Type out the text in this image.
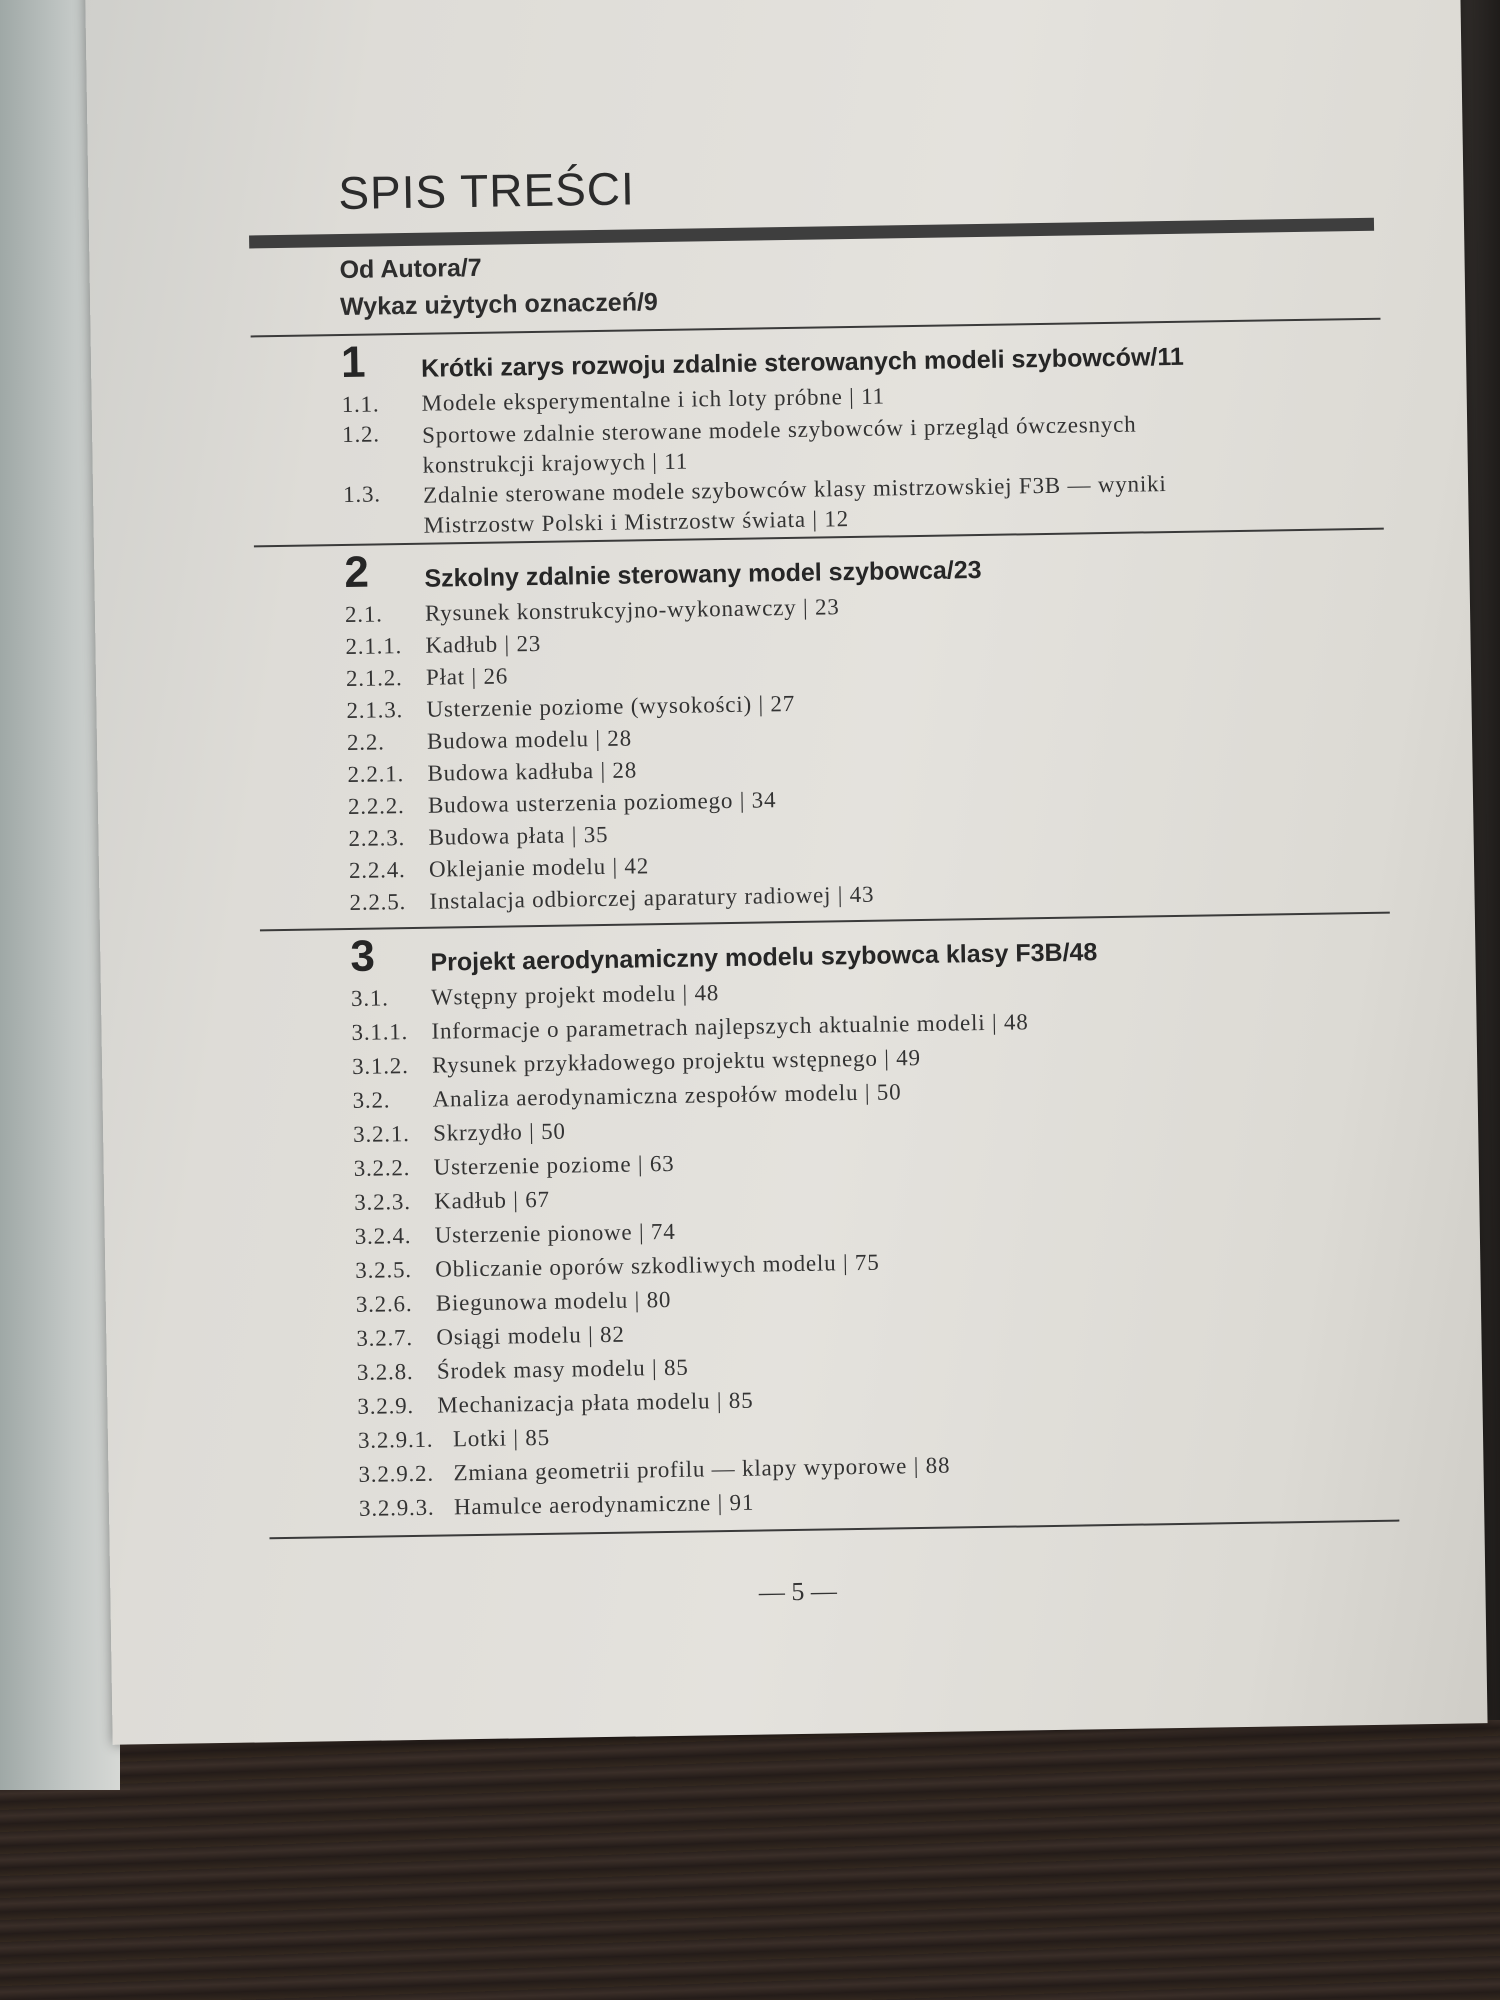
SPIS TREŚCI
Od Autora/7
Wykaz użytych oznaczeń/9
1 Krótki zarys rozwoju zdalnie sterowanych modeli szybowców/11
1.1. Modele eksperymentalne i ich loty próbne | 11
1.2. Sportowe zdalnie sterowane modele szybowców i przegląd ówczesnych konstrukcji krajowych | 11
1.3. Zdalnie sterowane modele szybowców klasy mistrzowskiej F3B — wyniki Mistrzostw Polski i Mistrzostw świata | 12
2 Szkolny zdalnie sterowany model szybowca/23
2.1. Rysunek konstrukcyjno-wykonawczy | 23
2.1.1. Kadłub | 23
2.1.2. Płat | 26
2.1.3. Usterzenie poziome (wysokości) | 27
2.2. Budowa modelu | 28
2.2.1. Budowa kadłuba | 28
2.2.2. Budowa usterzenia poziomego | 34
2.2.3. Budowa płata | 35
2.2.4. Oklejanie modelu | 42
2.2.5. Instalacja odbiorczej aparatury radiowej | 43
3 Projekt aerodynamiczny modelu szybowca klasy F3B/48
3.1. Wstępny projekt modelu | 48
3.1.1. Informacje o parametrach najlepszych aktualnie modeli | 48
3.1.2. Rysunek przykładowego projektu wstępnego | 49
3.2. Analiza aerodynamiczna zespołów modelu | 50
3.2.1. Skrzydło | 50
3.2.2. Usterzenie poziome | 63
3.2.3. Kadłub | 67
3.2.4. Usterzenie pionowe | 74
3.2.5. Obliczanie oporów szkodliwych modelu | 75
3.2.6. Biegunowa modelu | 80
3.2.7. Osiągi modelu | 82
3.2.8. Środek masy modelu | 85
3.2.9. Mechanizacja płata modelu | 85
3.2.9.1. Lotki | 85
3.2.9.2. Zmiana geometrii profilu — klapy wyporowe | 88
3.2.9.3. Hamulce aerodynamiczne | 91
— 5 —
